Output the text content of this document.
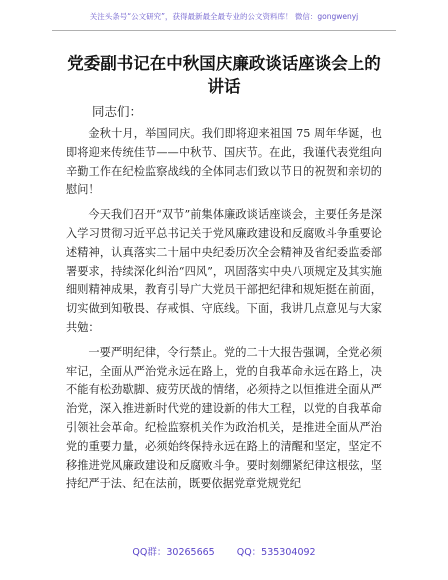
关注头条号“公文研究”，获得最新最全最专业的公文资料库！ 微信：gongwenyj
党委副书记在中秋国庆廉政谈话座谈会上的讲话
同志们：

金秋十月，举国同庆。我们即将迎来祖国 75 周年华诞，也即将迎来传统佳节——中秋节、国庆节。在此，我谨代表党组向辛勤工作在纪检监察战线的全体同志们致以节日的祝贺和亲切的慰问！

今天我们召开“双节”前集体廉政谈话座谈会，主要任务是深入学习贯彻习近平总书记关于党风廉政建设和反腐败斗争重要论述精神，认真落实二十届中央纪委历次全会精神及省纪委监委部署要求，持续深化纠治“四风”，巩固落实中央八项规定及其实施细则精神成果，教育引导广大党员干部把纪律和规矩挺在前面，切实做到知敬畏、存戒惧、守底线。下面，我讲几点意见与大家共勉：

一要严明纪律，令行禁止。党的二十大报告强调，全党必须牢记，全面从严治党永远在路上，党的自我革命永远在路上，决不能有松劲歇脚、疲劳厌战的情绪，必须持之以恒推进全面从严治党，深入推进新时代党的建设新的伟大工程，以党的自我革命引领社会革命。纪检监察机关作为政治机关，是推进全面从严治党的重要力量，必须始终保持永远在路上的清醒和坚定，坚定不移推进党风廉政建设和反腐败斗争。要时刻绷紧纪律这根弦，坚持纪严于法、纪在法前，既要依据党章党规党纪

QQ群：30265665 QQ：535304092
